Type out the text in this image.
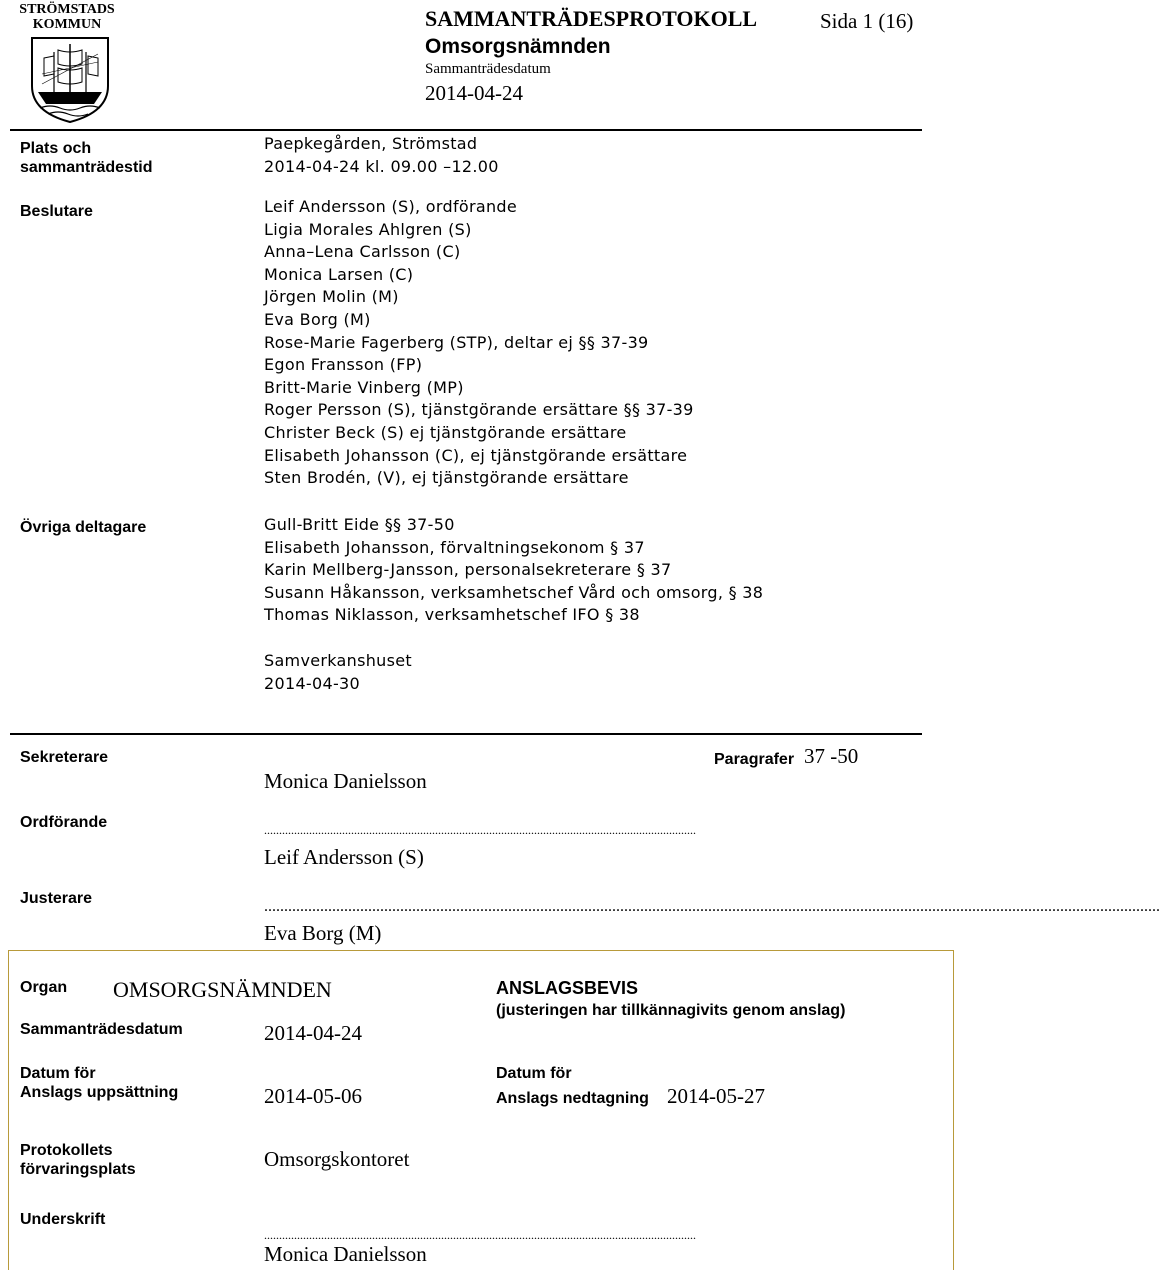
STRÖMSTADS
KOMMUN	SAMMANTRÄDESPROTOKOLL	Sida 1 (16)
Omsorgsnämnden
Sammanträdesdatum
2014-04-24
Plats och
sammanträdestid
Paepkegården, Strömstad
2014-04-24 kl. 09.00 –12.00
Beslutare	Leif Andersson (S), ordförande
Ligia Morales Ahlgren (S)
Anna–Lena Carlsson (C)
Monica Larsen (C)
Jörgen Molin (M)
Eva Borg (M)
Rose-Marie Fagerberg (STP), deltar ej §§ 37-39
Egon Fransson (FP)
Britt-Marie Vinberg (MP)
Roger Persson (S), tjänstgörande ersättare §§ 37-39
Christer Beck (S) ej tjänstgörande ersättare
Elisabeth Johansson (C), ej tjänstgörande ersättare
Sten Brodén, (V), ej tjänstgörande ersättare
Övriga deltagare	Gull-Britt Eide §§ 37-50
Elisabeth Johansson, förvaltningsekonom § 37
Karin Mellberg-Jansson, personalsekreterare § 37
Susann Håkansson, verksamhetschef Vård och omsorg, § 38
Thomas Niklasson, verksamhetschef IFO § 38
Samverkanshuset
2014-04-30
Sekreterare	Paragrafer 37 -50
Monica Danielsson
Ordförande	................................................................................................................................................
Leif Andersson (S)
Justerare	................................................................................................................................................................................................................................
Eva Borg (M)
Organ OMSORGSNÄMNDEN	ANSLAGSBEVIS
(justeringen har tillkännagivits genom anslag)
Sammanträdesdatum	2014-04-24
Datum för
Anslags uppsättning	2014-05-06
Datum för
Anslags nedtagning 2014-05-27
Protokollets
förvaringsplats	Omsorgskontoret
Underskrift
................................................................................................................................................
Monica Danielsson
